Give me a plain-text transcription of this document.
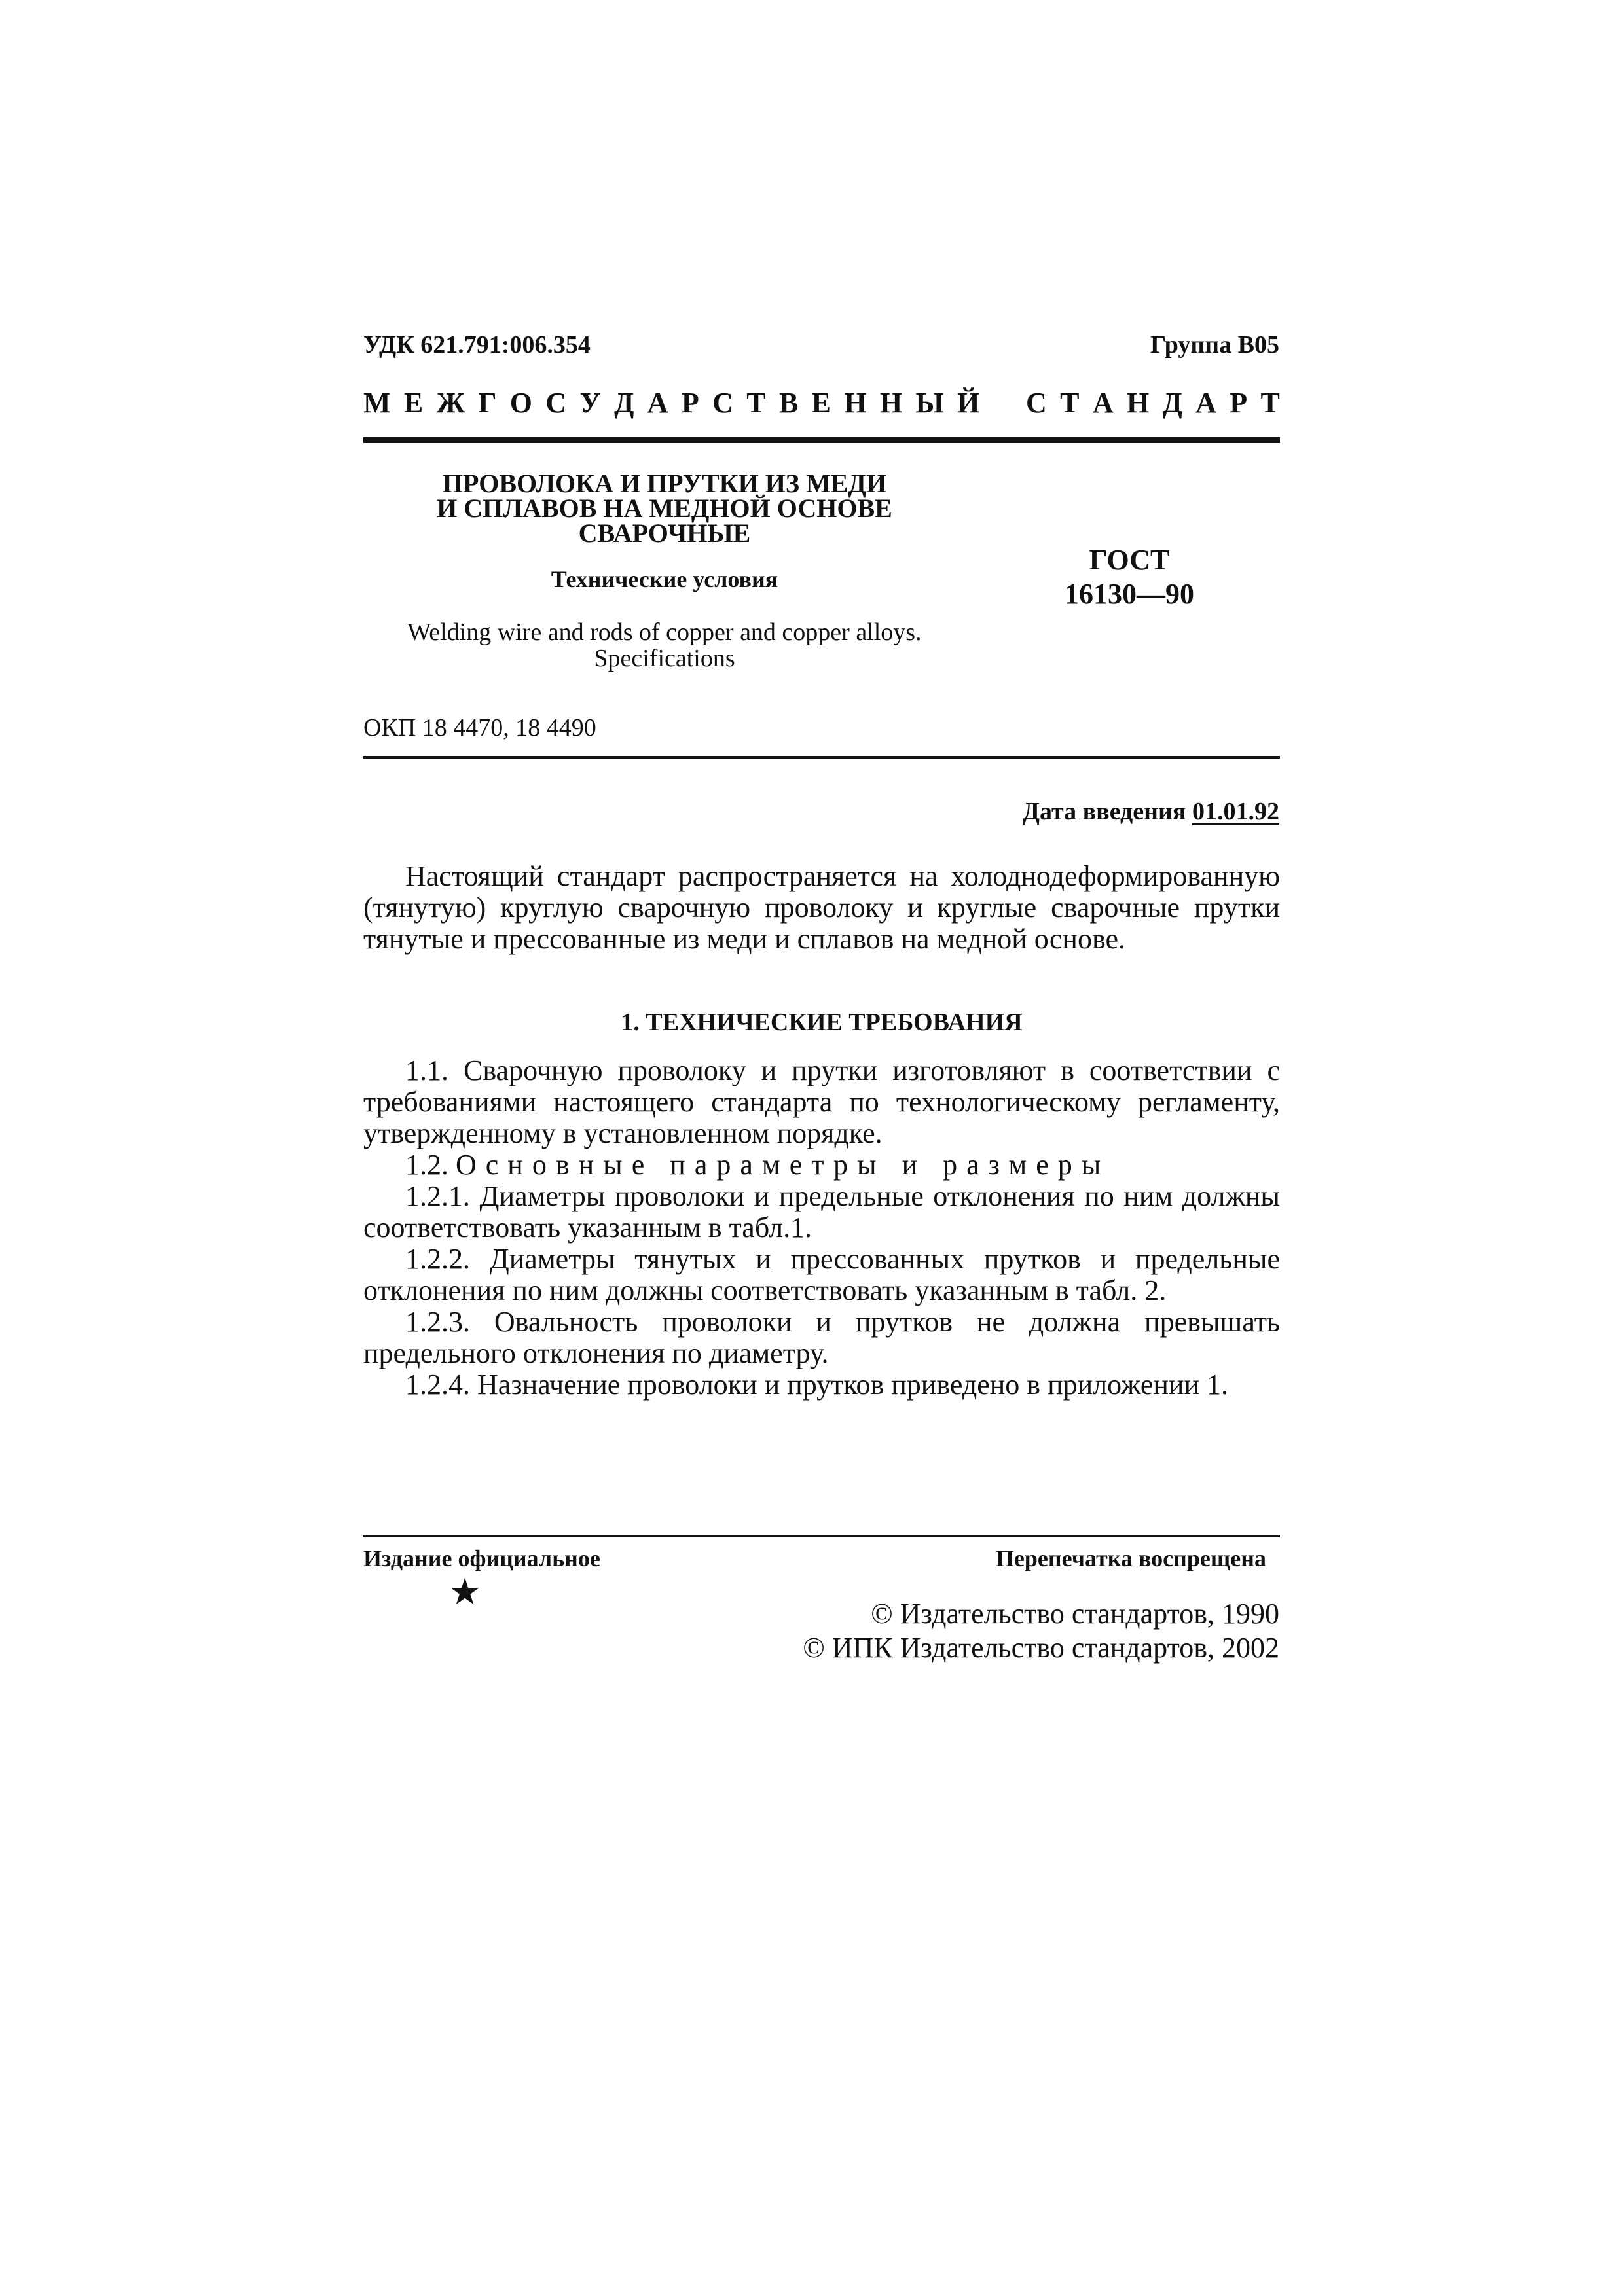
УДК 621.791:006.354	Группа В05
М Е Ж Г О С У Д А Р С Т В Е Н Н Ы Й С Т А Н Д А Р Т
ПРОВОЛОКА И ПРУТКИ ИЗ МЕДИ
И СПЛАВОВ НА МЕДНОЙ ОСНОВЕ
СВАРОЧНЫЕ
Технические условия
Welding wire and rods of copper and copper alloys.
Specifications
ГОСТ
16130—90
ОКП 18 4470, 18 4490
Дата введения 01.01.92
Настоящий стандарт распространяется на холоднодеформированную (тянутую) круглую сварочную проволоку и круглые сварочные прутки тянутые и прессованные из меди и сплавов на медной основе.
1. ТЕХНИЧЕСКИЕ ТРЕБОВАНИЯ

1.1. Сварочную проволоку и прутки изготовляют в соответствии с требованиями настоящего стандарта по технологическому регламенту, утвержденному в установленном порядке.

1.2. Основные параметры и размеры

1.2.1. Диаметры проволоки и предельные отклонения по ним должны соответствовать указанным в табл.1.

1.2.2. Диаметры тянутых и прессованных прутков и предельные отклонения по ним должны соответствовать указанным в табл. 2.

1.2.3. Овальность проволоки и прутков не должна превышать предельного отклонения по диаметру.

1.2.4. Назначение проволоки и прутков приведено в приложении 1.

Издание официальное	Перепечатка воспрещена
★
© Издательство стандартов, 1990
© ИПК Издательство стандартов, 2002
